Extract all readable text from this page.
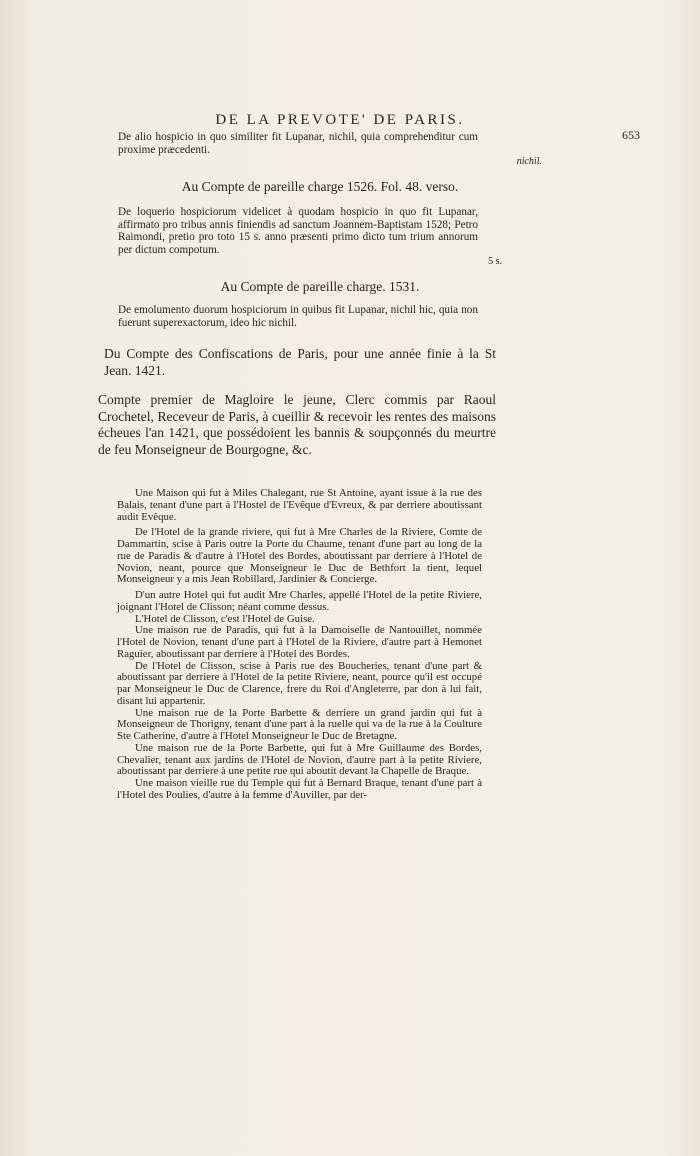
DE LA PREVOTE' DE PARIS.
653
De alio hospicio in quo similiter fit Lupanar, nichil, quia comprehenditur cum proxime præcedenti.
nichil.
Au Compte de pareille charge 1526. Fol. 48. verso.
De loquerio hospiciorum videlicet à quodam hospicio in quo fit Lupanar, affirmato pro tribus annis finiendis ad sanctum Joannem-Baptistam 1528; Petro Raimondi, pretio pro toto 15 s. anno præsenti primo dicto tum trium annorum per dictum compotum.
5 s.
Au Compte de pareille charge. 1531.
De emolumento duorum hospiciorum in quibus fit Lupanar, nichil hic, quia non fuerunt superexactorum, ideo hic nichil.
Du Compte des Confiscations de Paris, pour une année finie à la St Jean. 1421.
Compte premier de Magloire le jeune, Clerc commis par Raoul Crochetel, Receveur de Paris, à cueillir & recevoir les rentes des maisons écheues l'an 1421, que possédoient les bannis & soupçonnés du meurtre de feu Monseigneur de Bourgogne, &c.

Une Maison qui fut à Miles Chalegant, rue St Antoine, ayant issue à la rue des Balais, tenant d'une part à l'Hostel de l'Evêque d'Evreux, & par derriere aboutissant audit Evêque.

De l'Hotel de la grande riviere, qui fut à Mre Charles de la Riviere, Comte de Dammartin, scise à Paris outre la Porte du Chaume, tenant d'une part au long de la rue de Paradis & d'autre à l'Hotel des Bordes, aboutissant par derriere à l'Hotel de Novion, neant, pource que Monseigneur le Duc de Bethfort la tient, lequel Monseigneur y a mis Jean Robillard, Jardinier & Concierge.

D'un autre Hotel qui fut audit Mre Charles, appellé l'Hotel de la petite Riviere, joignant l'Hotel de Clisson; néant comme dessus.

L'Hotel de Clisson, c'est l'Hotel de Guise.

Une maison rue de Paradis, qui fut à la Damoiselle de Nantouillet, nommée l'Hotel de Novion, tenant d'une part à l'Hotel de la Riviere, d'autre part à Hemonet Raguier, aboutissant par derriere à l'Hotel des Bordes.

De l'Hotel de Clisson, scise à Paris rue des Boucheries, tenant d'une part & aboutissant par derriere à l'Hotel de la petite Riviere, neant, pource qu'il est occupé par Monseigneur le Duc de Clarence, frere du Roi d'Angleterre, par don à lui fait, disant lui appartenir.

Une maison rue de la Porte Barbette & derriere un grand jardin qui fut à Monseigneur de Thorigny, tenant d'une part à la ruelle qui va de la rue à la Coulture Ste Catherine, d'autre à l'Hotel Monseigneur le Duc de Bretagne.

Une maison rue de la Porte Barbette, qui fut à Mre Guillaume des Bordes, Chevalier, tenant aux jardins de l'Hotel de Novion, d'autre part à la petite Riviere, aboutissant par derriere à une petite rue qui aboutit devant la Chapelle de Braque.

Une maison vieille rue du Temple qui fut à Bernard Braque, tenant d'une part à l'Hotel des Poulies, d'autre à la femme d'Auviller, par der-
